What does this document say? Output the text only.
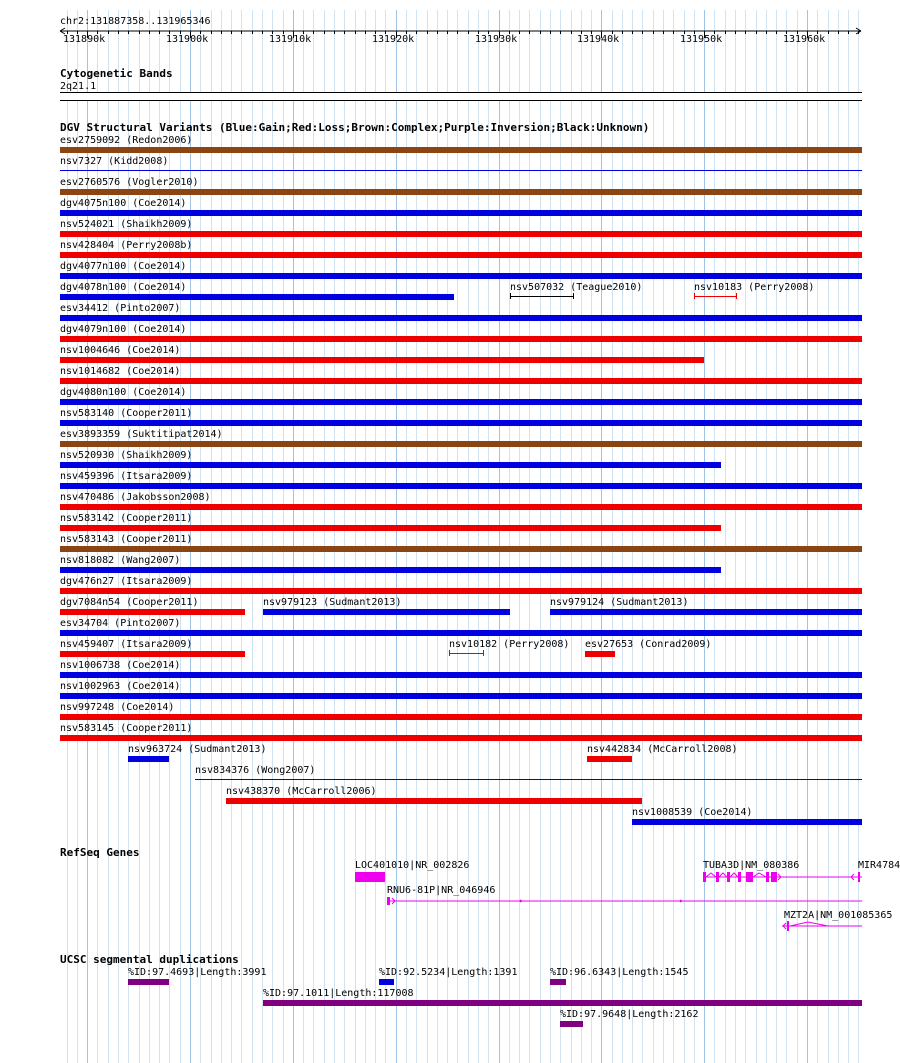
chr2:131887358..131965346
Cytogenetic Bands
2q21.1
DGV Structural Variants (Blue:Gain;Red:Loss;Brown:Complex;Purple:Inversion;Black:Unknown)
esv2759092 (Redon2006)
nsv7327 (Kidd2008)
esv2760576 (Vogler2010)
dgv4075n100 (Coe2014)
nsv524021 (Shaikh2009)
nsv428404 (Perry2008b)
dgv4077n100 (Coe2014)
dgv4078n100 (Coe2014)	nsv507032 (Teague2010)	nsv10183 (Perry2008)
esv34412 (Pinto2007)
dgv4079n100 (Coe2014)
nsv1004646 (Coe2014)
nsv1014682 (Coe2014)
dgv4080n100 (Coe2014)
nsv583140 (Cooper2011)
esv3893359 (Suktitipat2014)
nsv520930 (Shaikh2009)
nsv459396 (Itsara2009)
nsv470486 (Jakobsson2008)
nsv583142 (Cooper2011)
nsv583143 (Cooper2011)
nsv818082 (Wang2007)
dgv476n27 (Itsara2009)
dgv7084n54 (Cooper2011)	nsv979123 (Sudmant2013)	nsv979124 (Sudmant2013)
esv34704 (Pinto2007)
nsv459407 (Itsara2009)	nsv10182 (Perry2008) esv27653 (Conrad2009)
nsv1006738 (Coe2014)
nsv1002963 (Coe2014)
nsv997248 (Coe2014)
nsv583145 (Cooper2011)
nsv963724 (Sudmant2013)	nsv442834 (McCarroll2008)
nsv834376 (Wong2007)
nsv438370 (McCarroll2006)
nsv1008539 (Coe2014)
RefSeq Genes
LOC401010|NR_002826
RNU6-81P|NR_046946
TUBA3D|NM_080386	MIR4784
MZT2A|NM_001085365
UCSC segmental duplications
%ID:97.4693|Length:3991	%ID:92.5234|Length:1391	%ID:96.6343|Length:1545
%ID:97.1011|Length:117008
%ID:97.9648|Length:2162
131890k	131900k	131910k	131920k	131930k	131940k	131950k	131960k
